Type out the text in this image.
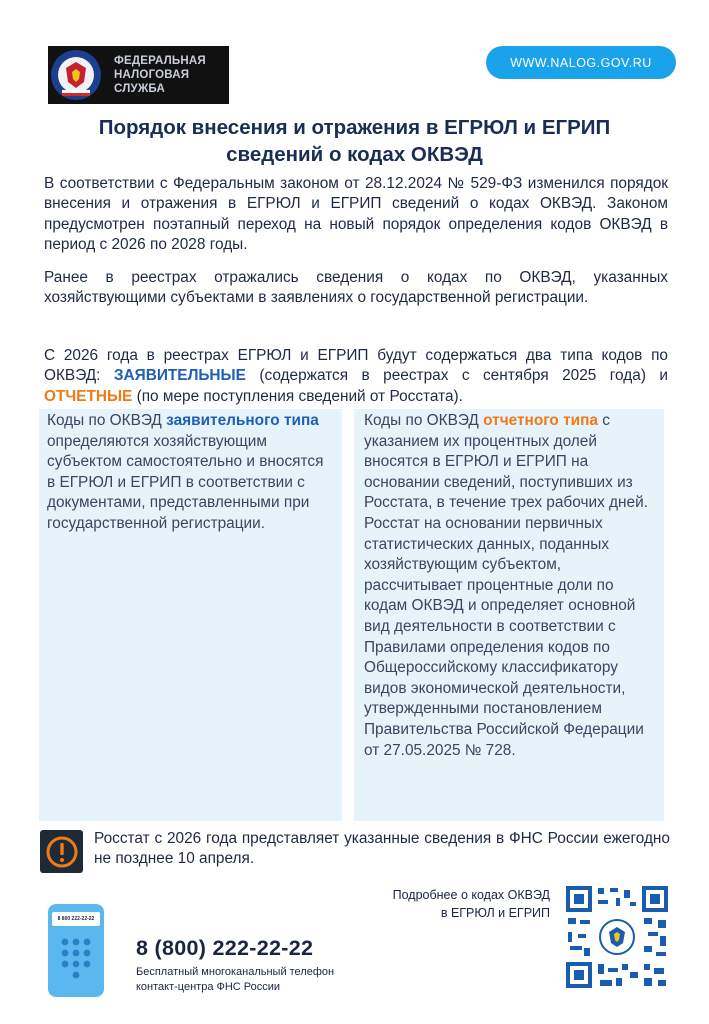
ФЕДЕРАЛЬНАЯ
НАЛОГОВАЯ СЛУЖБА
WWW.NALOG.GOV.RU
Порядок внесения и отражения в ЕГРЮЛ и ЕГРИП
сведений о кодах ОКВЭД

В соответствии с Федеральным законом от 28.12.2024 № 529-ФЗ изменился порядок внесения и отражения в ЕГРЮЛ и ЕГРИП сведений о кодах ОКВЭД. Законом предусмотрен поэтапный переход на новый порядок определения кодов ОКВЭД в период с 2026 по 2028 годы.

Ранее в реестрах отражались сведения о кодах по ОКВЭД, указанных хозяйствующими субъектами в заявлениях о государственной регистрации.

С 2026 года в реестрах ЕГРЮЛ и ЕГРИП будут содержаться два типа кодов по ОКВЭД: ЗАЯВИТЕЛЬНЫЕ (содержатся в реестрах с сентября 2025 года) и ОТЧЕТНЫЕ (по мере поступления сведений от Росстата).

Коды по ОКВЭД заявительного типа определяются хозяйствующим субъектом самостоятельно и вносятся в ЕГРЮЛ и ЕГРИП в соответствии с документами, представленными при государственной регистрации.
Коды по ОКВЭД отчетного типа с указанием их процентных долей вносятся в ЕГРЮЛ и ЕГРИП на основании сведений, поступивших из Росстата, в течение трех рабочих дней.
Росстат на основании первичных статистических данных, поданных хозяйствующим субъектом, рассчитывает процентные доли по кодам ОКВЭД и определяет основной вид деятельности в соответствии с Правилами определения кодов по Общероссийскому классификатору видов экономической деятельности, утвержденными постановлением Правительства Российской Федерации от 27.05.2025 № 728.

Росстат с 2026 года представляет указанные сведения в ФНС России ежегодно не позднее 10 апреля.

8 800 222-22-22
8 (800) 222-22-22
Бесплатный многоканальный телефон
контакт-центра ФНС России
Подробнее о кодах ОКВЭД
в ЕГРЮЛ и ЕГРИП
